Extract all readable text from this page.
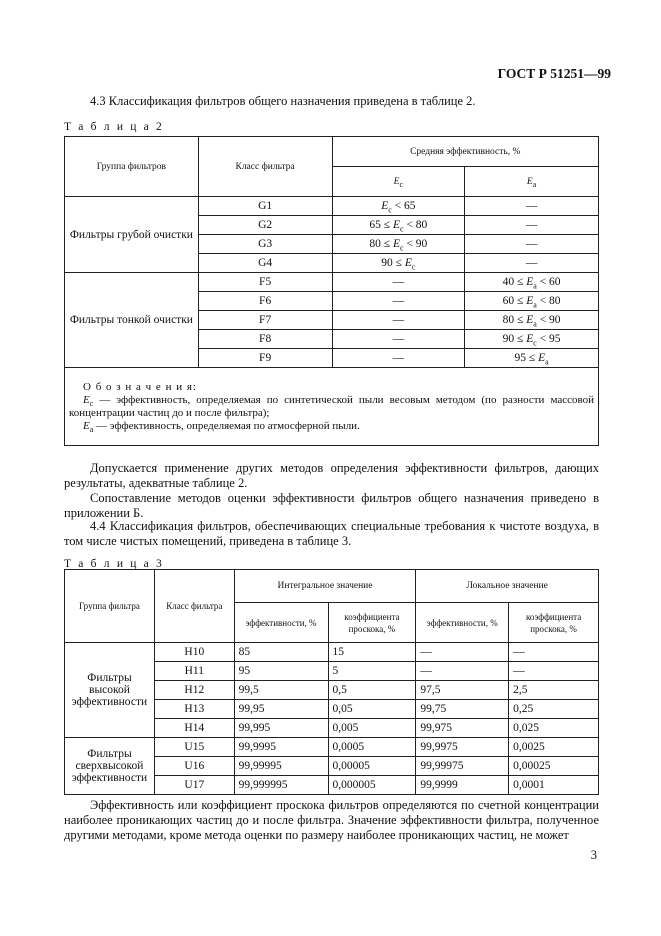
ГОСТ Р 51251—99
4.3 Классификация фильтров общего назначения приведена в таблице 2.
Т а б л и ц а 2
Группа фильтров	Класс фильтра	Средняя эффективность, %	
		$E_c$	$E_a$
Фильтры грубой очистки	G1	$E_c < 65$	—
	G2	$65 \le E_c < 80$	—
	G3	$80 \le E_c < 90$	—
	G4	$90 \le E_c$	—
Фильтры тонкой очистки	F5	—	$40 \le E_a < 60$
	F6	—	$60 \le E_a < 80$
	F7	—	$80 \le E_a < 90$
	F8	—	$90 \le E_c < 95$
	F9	—	$95 \le E_a$

О б о з н а ч е н и я:
$E_c$ — эффективность, определяемая по синтетической пыли весовым методом (по разности массовой концентрации частиц до и после фильтра);
$E_a$ — эффективность, определяемая по атмосферной пыли.			
Допускается применение других методов определения эффективности фильтров, дающих результаты, адекватные таблице 2.
Сопоставление методов оценки эффективности фильтров общего назначения приведено в приложении Б.
4.4 Классификация фильтров, обеспечивающих специальные требования к чистоте воздуха, в том числе чистых помещений, приведена в таблице 3.
Т а б л и ц а 3
Группа фильтра	Класс фильтра	Интегральное значение		Локальное значение	
		эффективности, %	коэффициента проскока, %	эффективности, %	коэффициента проскока, %
Фильтры высокой эффективности	H10	85	15	—	—
	H11	95	5	—	—
	H12	99,5	0,5	97,5	2,5
	H13	99,95	0,05	99,75	0,25
	H14	99,995	0,005	99,975	0,025
Фильтры сверхвысокой эффективности	U15	99,9995	0,0005	99,9975	0,0025
	U16	99,99995	0,00005	99,99975	0,00025
	U17	99,999995	0,000005	99,9999	0,0001
Эффективность или коэффициент проскока фильтров определяются по счетной концентрации наиболее проникающих частиц до и после фильтра. Значение эффективности фильтра, полученное другими методами, кроме метода оценки по размеру наиболее проникающих частиц, не может
3
